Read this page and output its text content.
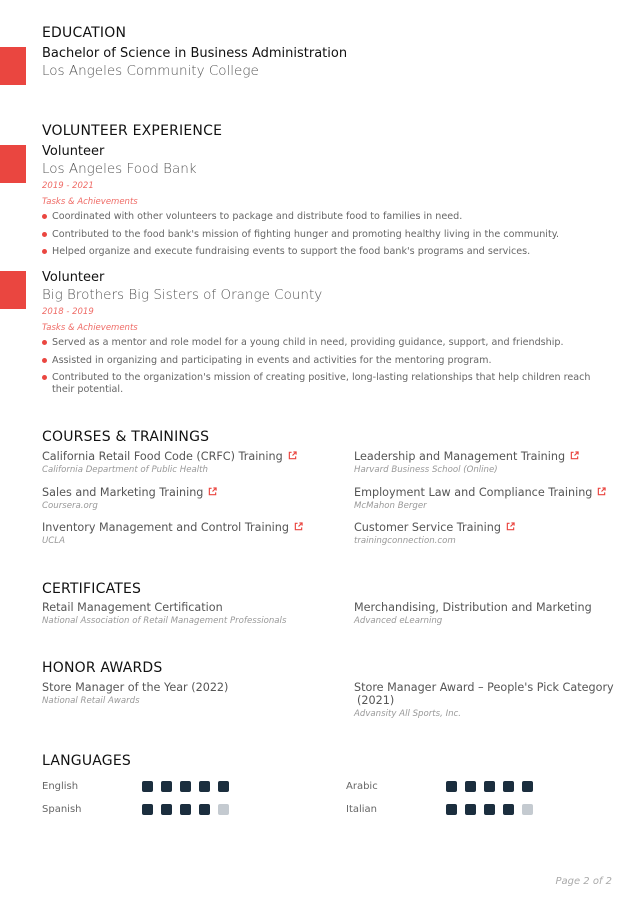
EDUCATION
Bachelor of Science in Business Administration
Los Angeles Community College
VOLUNTEER EXPERIENCE
Volunteer
Los Angeles Food Bank
2019 - 2021
Tasks & Achievements
Coordinated with other volunteers to package and distribute food to families in need.
Contributed to the food bank's mission of fighting hunger and promoting healthy living in the community.
Helped organize and execute fundraising events to support the food bank's programs and services.
Volunteer
Big Brothers Big Sisters of Orange County
2018 - 2019
Tasks & Achievements
Served as a mentor and role model for a young child in need, providing guidance, support, and friendship.
Assisted in organizing and participating in events and activities for the mentoring program.
Contributed to the organization's mission of creating positive, long-lasting relationships that help children reach their potential.
COURSES & TRAININGS
California Retail Food Code (CRFC) Training
California Department of Public Health
Leadership and Management Training
Harvard Business School (Online)
Sales and Marketing Training
Coursera.org
Employment Law and Compliance Training
McMahon Berger
Inventory Management and Control Training
UCLA
Customer Service Training
trainingconnection.com
CERTIFICATES
Retail Management Certification
National Association of Retail Management Professionals
Merchandising, Distribution and Marketing
Advanced eLearning
HONOR AWARDS
Store Manager of the Year (2022)
National Retail Awards
Store Manager Award – People's Pick Category
(2021)
Advansity All Sports, Inc.
LANGUAGES
English	Arabic
Spanish	Italian
Page 2 of 2
